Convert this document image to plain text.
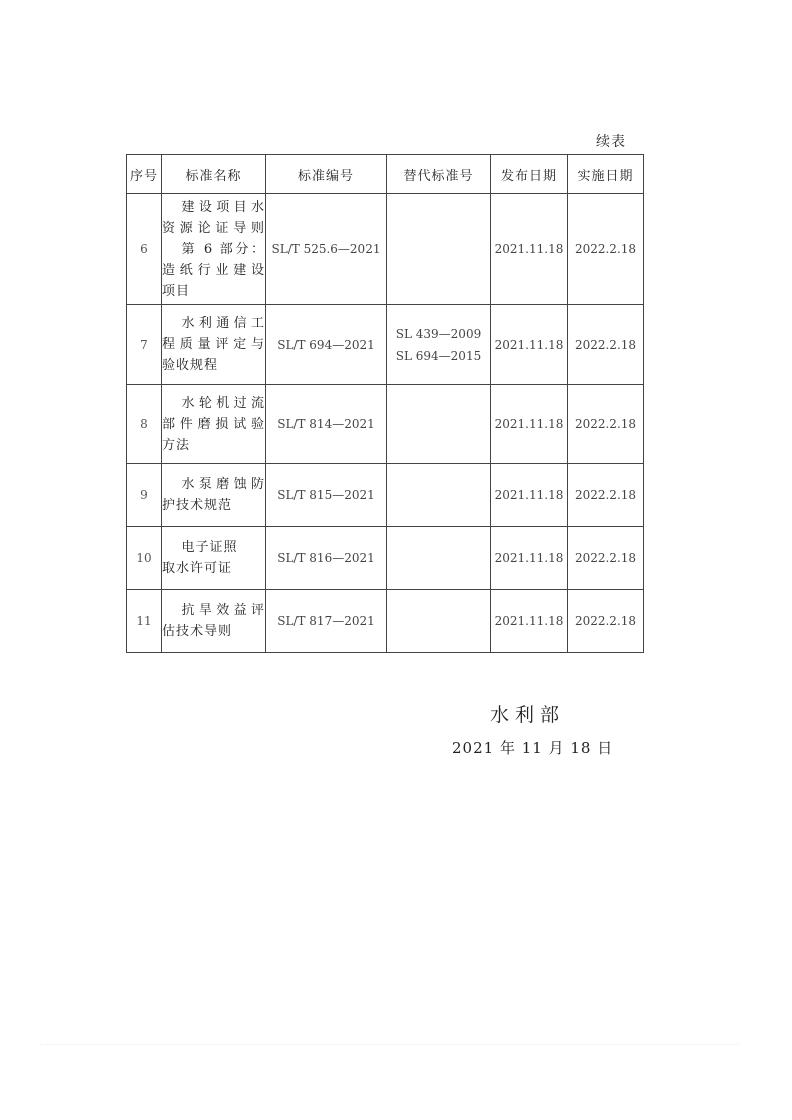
续表
序号	标准名称	标准编号	替代标准号	发布日期	实施日期
6	建设项目水
资源论证导则
第 6 部分：
造纸行业建设
项目	SL/T 525.6—2021		2021.11.18	2022.2.18
7	水利通信工
程质量评定与
验收规程	SL/T 694—2021	SL 439—2009
SL 694—2015	2021.11.18	2022.2.18
8	水轮机过流
部件磨损试验
方法	SL/T 814—2021		2021.11.18	2022.2.18
9	水泵磨蚀防
护技术规范	SL/T 815—2021		2021.11.18	2022.2.18
10	电子证照
取水许可证	SL/T 816—2021		2021.11.18	2022.2.18
11	抗旱效益评
估技术导则	SL/T 817—2021		2021.11.18	2022.2.18
水利部
2021 年 11 月 18 日
